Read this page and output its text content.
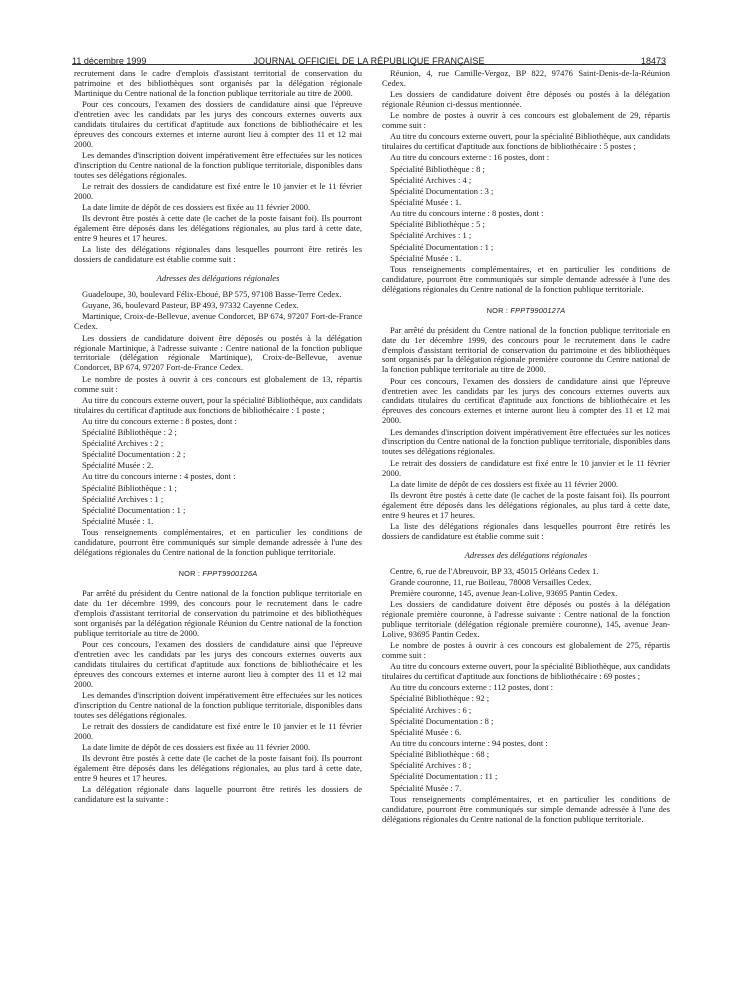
11 décembre 1999	JOURNAL OFFICIEL DE LA RÉPUBLIQUE FRANÇAISE	18473

recrutement dans le cadre d'emplois d'assistant territorial de conservation du patrimoine et des bibliothèques sont organisés par la délégation régionale Martinique du Centre national de la fonction publique territoriale au titre de 2000.

Pour ces concours, l'examen des dossiers de candidature ainsi que l'épreuve d'entretien avec les candidats par les jurys des concours externes ouverts aux candidats titulaires du certificat d'aptitude aux fonctions de bibliothécaire et les épreuves des concours externes et interne auront lieu à compter des 11 et 12 mai 2000.

Les demandes d'inscription doivent impérativement être effectuées sur les notices d'inscription du Centre national de la fonction publique territoriale, disponibles dans toutes ses délégations régionales.

Le retrait des dossiers de candidature est fixé entre le 10 janvier et le 11 février 2000.

La date limite de dépôt de ces dossiers est fixée au 11 février 2000.

Ils devront être postés à cette date (le cachet de la poste faisant foi). Ils pourront également être déposés dans les délégations régionales, au plus tard à cette date, entre 9 heures et 17 heures.

La liste des délégations régionales dans lesquelles pourront être retirés les dossiers de candidature est établie comme suit :

Adresses des délégations régionales

Guadeloupe, 30, boulevard Félix-Eboué, BP 575, 97108 Basse-Terre Cedex.

Guyane, 36, boulevard Pasteur, BP 493, 97332 Cayenne Cedex.

Martinique, Croix-de-Bellevue, avenue Condorcet, BP 674, 97207 Fort-de-France Cedex.

Les dossiers de candidature doivent être déposés ou postés à la délégation régionale Martinique, à l'adresse suivante : Centre national de la fonction publique territoriale (délégation régionale Martinique), Croix-de-Bellevue, avenue Condorcet, BP 674, 97207 Fort-de-France Cedex.

Le nombre de postes à ouvrir à ces concours est globalement de 13, répartis comme suit :

Au titre du concours externe ouvert, pour la spécialité Bibliothèque, aux candidats titulaires du certificat d'aptitude aux fonctions de bibliothécaire : 1 poste ;

Au titre du concours externe : 8 postes, dont :

Spécialité Bibliothèque : 2 ;

Spécialité Archives : 2 ;

Spécialité Documentation : 2 ;

Spécialité Musée : 2.

Au titre du concours interne : 4 postes, dont :

Spécialité Bibliothèque : 1 ;

Spécialité Archives : 1 ;

Spécialité Documentation : 1 ;

Spécialité Musée : 1.

Tous renseignements complémentaires, et en particulier les conditions de candidature, pourront être communiqués sur simple demande adressée à l'une des délégations régionales du Centre national de la fonction publique territoriale.

NOR : FPPT9900126A

Par arrêté du président du Centre national de la fonction publique territoriale en date du 1er décembre 1999, des concours pour le recrutement dans le cadre d'emplois d'assistant territorial de conservation du patrimoine et des bibliothèques sont organisés par la délégation régionale Réunion du Centre national de la fonction publique territoriale au titre de 2000.

Pour ces concours, l'examen des dossiers de candidature ainsi que l'épreuve d'entretien avec les candidats par les jurys des concours externes ouverts aux candidats titulaires du certificat d'aptitude aux fonctions de bibliothécaire et les épreuves des concours externes et interne auront lieu à compter des 11 et 12 mai 2000.

Les demandes d'inscription doivent impérativement être effectuées sur les notices d'inscription du Centre national de la fonction publique territoriale, disponibles dans toutes ses délégations régionales.

Le retrait des dossiers de candidature est fixé entre le 10 janvier et le 11 février 2000.

La date limite de dépôt de ces dossiers est fixée au 11 février 2000.

Ils devront être postés à cette date (le cachet de la poste faisant foi). Ils pourront également être déposés dans les délégations régionales, au plus tard à cette date, entre 9 heures et 17 heures.

La délégation régionale dans laquelle pourront être retirés les dossiers de candidature est la suivante :

Réunion, 4, rue Camille-Vergoz, BP 822, 97476 Saint-Denis-de-la-Réunion Cedex.

Les dossiers de candidature doivent être déposés ou postés à la délégation régionale Réunion ci-dessus mentionnée.

Le nombre de postes à ouvrir à ces concours est globalement de 29, répartis comme suit :

Au titre du concours externe ouvert, pour la spécialité Bibliothèque, aux candidats titulaires du certificat d'aptitude aux fonctions de bibliothécaire : 5 postes ;

Au titre du concours externe : 16 postes, dont :

Spécialité Bibliothèque : 8 ;

Spécialité Archives : 4 ;

Spécialité Documentation : 3 ;

Spécialité Musée : 1.

Au titre du concours interne : 8 postes, dont :

Spécialité Bibliothèque : 5 ;

Spécialité Archives : 1 ;

Spécialité Documentation : 1 ;

Spécialité Musée : 1.

Tous renseignements complémentaires, et en particulier les conditions de candidature, pourront être communiqués sur simple demande adressée à l'une des délégations régionales du Centre national de la fonction publique territoriale.

NOR : FPPT9900127A

Par arrêté du président du Centre national de la fonction publique territoriale en date du 1er décembre 1999, des concours pour le recrutement dans le cadre d'emplois d'assistant territorial de conservation du patrimoine et des bibliothèques sont organisés par la délégation régionale première couronne du Centre national de la fonction publique territoriale au titre de 2000.

Pour ces concours, l'examen des dossiers de candidature ainsi que l'épreuve d'entretien avec les candidats par les jurys des concours externes ouverts aux candidats titulaires du certificat d'aptitude aux fonctions de bibliothécaire et les épreuves des concours externes et interne auront lieu à compter des 11 et 12 mai 2000.

Les demandes d'inscription doivent impérativement être effectuées sur les notices d'inscription du Centre national de la fonction publique territoriale, disponibles dans toutes ses délégations régionales.

Le retrait des dossiers de candidature est fixé entre le 10 janvier et le 11 février 2000.

La date limite de dépôt de ces dossiers est fixée au 11 février 2000.

Ils devront être postés à cette date (le cachet de la poste faisant foi). Ils pourront également être déposés dans les délégations régionales, au plus tard à cette date, entre 9 heures et 17 heures.

La liste des délégations régionales dans lesquelles pourront être retirés les dossiers de candidature est établie comme suit :

Adresses des délégations régionales

Centre, 6, rue de l'Abreuvoir, BP 33, 45015 Orléans Cedex 1.

Grande couronne, 11, rue Boileau, 78008 Versailles Cedex.

Première couronne, 145, avenue Jean-Lolive, 93695 Pantin Cedex.

Les dossiers de candidature doivent être déposés ou postés à la délégation régionale première couronne, à l'adresse suivante : Centre national de la fonction publique territoriale (délégation régionale première couronne), 145, avenue Jean-Lolive, 93695 Pantin Cedex.

Le nombre de postes à ouvrir à ces concours est globalement de 275, répartis comme suit :

Au titre du concours externe ouvert, pour la spécialité Bibliothèque, aux candidats titulaires du certificat d'aptitude aux fonctions de bibliothécaire : 69 postes ;

Au titre du concours externe : 112 postes, dont :

Spécialité Bibliothèque : 92 ;

Spécialité Archives : 6 ;

Spécialité Documentation : 8 ;

Spécialité Musée : 6.

Au titre du concours interne : 94 postes, dont :

Spécialité Bibliothèque : 68 ;

Spécialité Archives : 8 ;

Spécialité Documentation : 11 ;

Spécialité Musée : 7.

Tous renseignements complémentaires, et en particulier les conditions de candidature, pourront être communiqués sur simple demande adressée à l'une des délégations régionales du Centre national de la fonction publique territoriale.
